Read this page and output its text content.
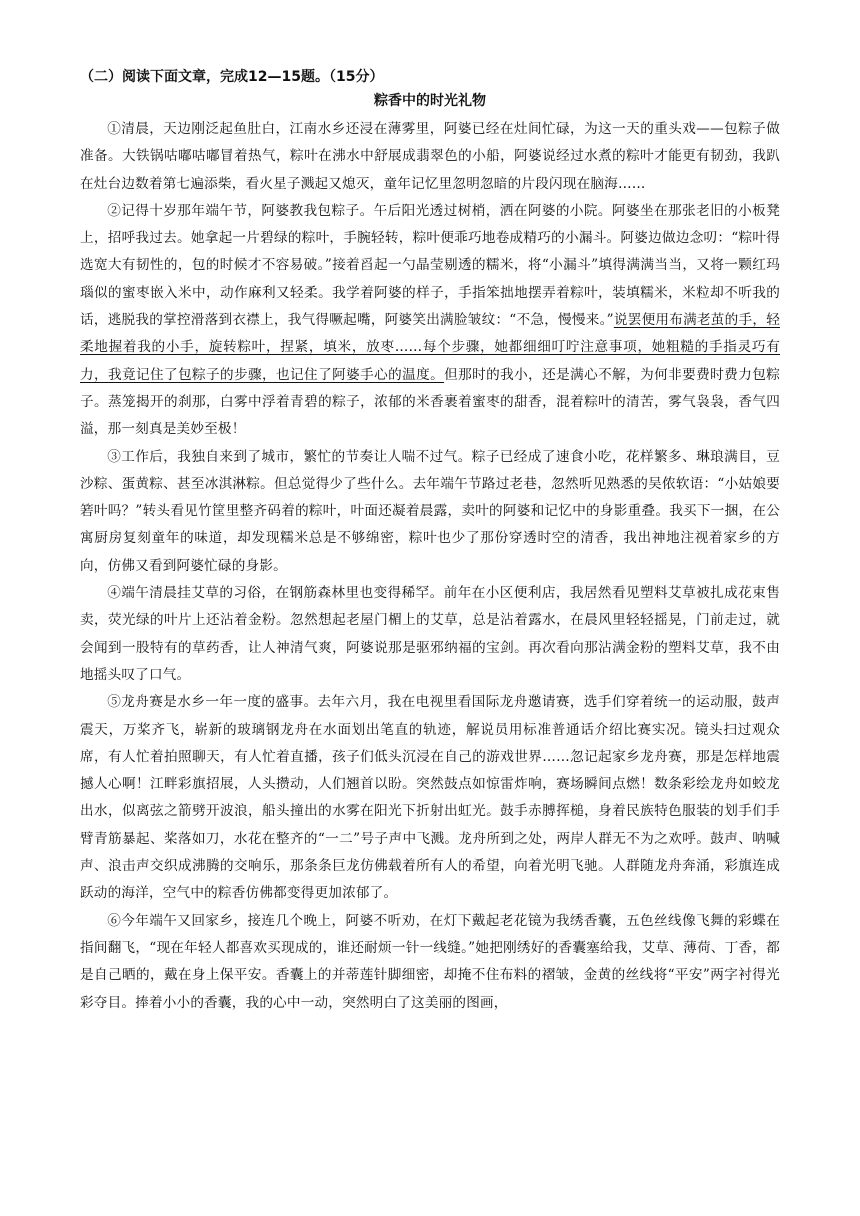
（二）阅读下面文章，完成12—15题。（15分）
粽香中的时光礼物

①清晨，天边刚泛起鱼肚白，江南水乡还浸在薄雾里，阿婆已经在灶间忙碌，为这一天的重头戏——包粽子做准备。大铁锅咕嘟咕嘟冒着热气，粽叶在沸水中舒展成翡翠色的小船，阿婆说经过水煮的粽叶才能更有韧劲，我趴在灶台边数着第七遍添柴，看火星子溅起又熄灭，童年记忆里忽明忽暗的片段闪现在脑海……

②记得十岁那年端午节，阿婆教我包粽子。午后阳光透过树梢，洒在阿婆的小院。阿婆坐在那张老旧的小板凳上，招呼我过去。她拿起一片碧绿的粽叶，手腕轻转，粽叶便乖巧地卷成精巧的小漏斗。阿婆边做边念叨：“粽叶得选宽大有韧性的，包的时候才不容易破。”接着舀起一勺晶莹剔透的糯米，将“小漏斗”填得满满当当，又将一颗红玛瑙似的蜜枣嵌入米中，动作麻利又轻柔。我学着阿婆的样子，手指笨拙地摆弄着粽叶，装填糯米，米粒却不听我的话，逃脱我的掌控滑落到衣襟上，我气得噘起嘴，阿婆笑出满脸皱纹：“不急，慢慢来。”说罢便用布满老茧的手，轻柔地握着我的小手，旋转粽叶，捏紧，填米，放枣……每个步骤，她都细细叮咛注意事项，她粗糙的手指灵巧有力，我竟记住了包粽子的步骤，也记住了阿婆手心的温度。但那时的我小，还是满心不解，为何非要费时费力包粽子。蒸笼揭开的刹那，白雾中浮着青碧的粽子，浓郁的米香裹着蜜枣的甜香，混着粽叶的清苦，雾气袅袅，香气四溢，那一刻真是美妙至极！

③工作后，我独自来到了城市，繁忙的节奏让人喘不过气。粽子已经成了速食小吃，花样繁多、琳琅满目，豆沙粽、蛋黄粽、甚至冰淇淋粽。但总觉得少了些什么。去年端午节路过老巷，忽然听见熟悉的吴侬软语：“小姑娘要箬叶吗？”转头看见竹筐里整齐码着的粽叶，叶面还凝着晨露，卖叶的阿婆和记忆中的身影重叠。我买下一捆，在公寓厨房复刻童年的味道，却发现糯米总是不够绵密，粽叶也少了那份穿透时空的清香，我出神地注视着家乡的方向，仿佛又看到阿婆忙碌的身影。

④端午清晨挂艾草的习俗，在钢筋森林里也变得稀罕。前年在小区便利店，我居然看见塑料艾草被扎成花束售卖，荧光绿的叶片上还沾着金粉。忽然想起老屋门楣上的艾草，总是沾着露水，在晨风里轻轻摇晃，门前走过，就会闻到一股特有的草药香，让人神清气爽，阿婆说那是驱邪纳福的宝剑。再次看向那沾满金粉的塑料艾草，我不由地摇头叹了口气。

⑤龙舟赛是水乡一年一度的盛事。去年六月，我在电视里看国际龙舟邀请赛，选手们穿着统一的运动服，鼓声震天，万桨齐飞，崭新的玻璃钢龙舟在水面划出笔直的轨迹，解说员用标准普通话介绍比赛实况。镜头扫过观众席，有人忙着拍照聊天，有人忙着直播，孩子们低头沉浸在自己的游戏世界……忽记起家乡龙舟赛，那是怎样地震撼人心啊！江畔彩旗招展，人头攒动，人们翘首以盼。突然鼓点如惊雷炸响，赛场瞬间点燃！数条彩绘龙舟如蛟龙出水，似离弦之箭劈开波浪，船头撞出的水雾在阳光下折射出虹光。鼓手赤膊挥槌，身着民族特色服装的划手们手臂青筋暴起、桨落如刀，水花在整齐的“一二”号子声中飞溅。龙舟所到之处，两岸人群无不为之欢呼。鼓声、呐喊声、浪击声交织成沸腾的交响乐，那条条巨龙仿佛载着所有人的希望，向着光明飞驰。人群随龙舟奔涌，彩旗连成跃动的海洋，空气中的粽香仿佛都变得更加浓郁了。

⑥今年端午又回家乡，接连几个晚上，阿婆不听劝，在灯下戴起老花镜为我绣香囊，五色丝线像飞舞的彩蝶在指间翻飞，“现在年轻人都喜欢买现成的，谁还耐烦一针一线缝。”她把刚绣好的香囊塞给我，艾草、薄荷、丁香，都是自己晒的，戴在身上保平安。香囊上的并蒂莲针脚细密，却掩不住布料的褶皱，金黄的丝线将“平安”两字衬得光彩夺目。捧着小小的香囊，我的心中一动，突然明白了这美丽的图画，
